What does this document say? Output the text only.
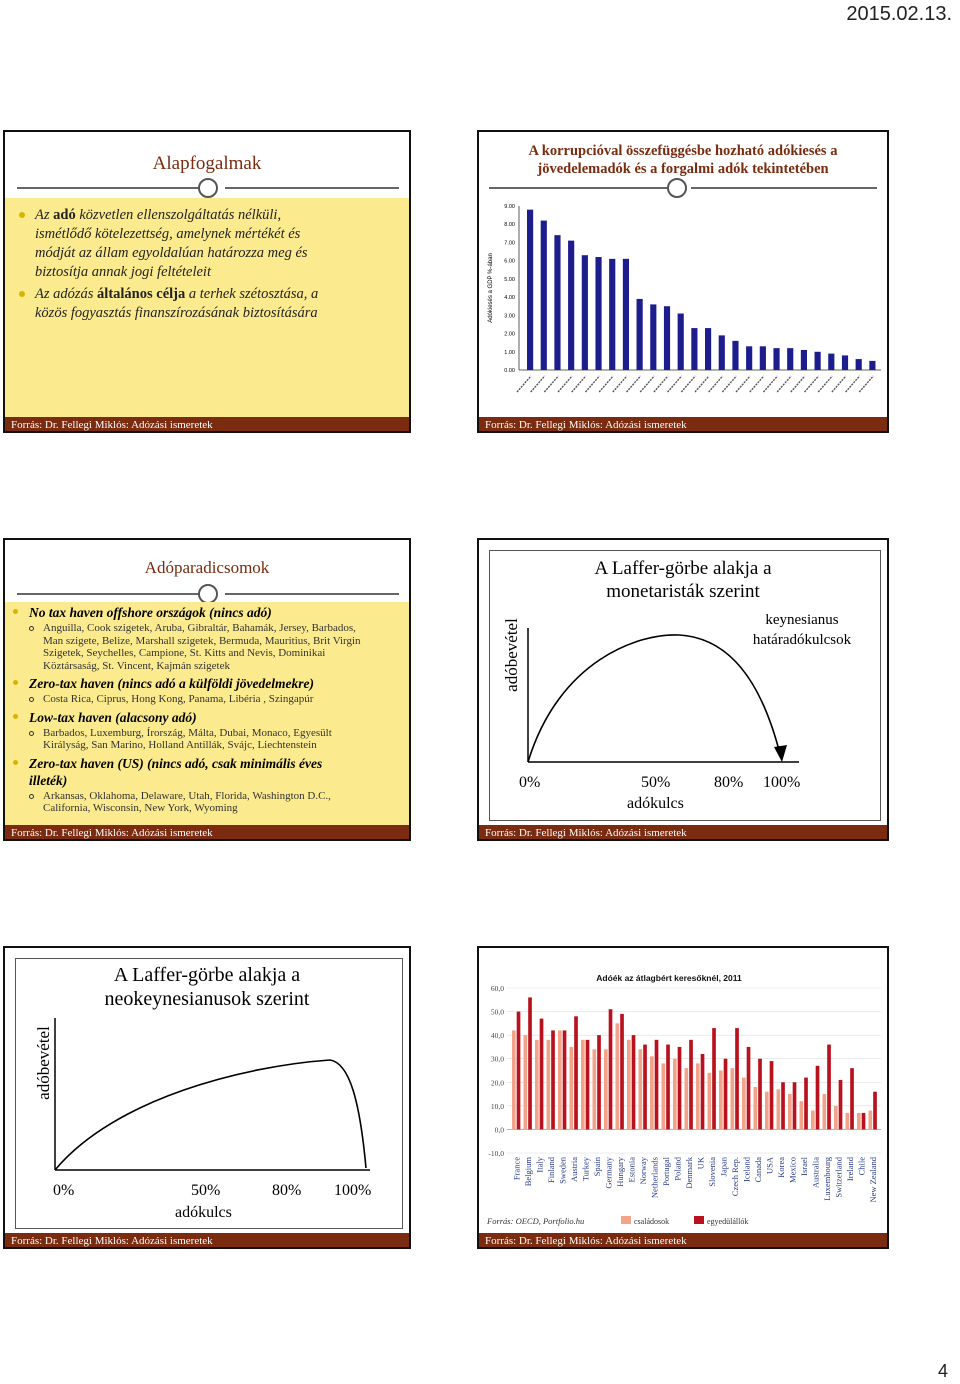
2015.02.13.
Alapfogalmak
Az adó közvetlen ellenszolgáltatás nélküli,
ismétlődő kötelezettség, amelynek mértékét és
módját az állam egyoldalúan határozza meg és
biztosítja annak jogi feltételeit
Az adózás általános célja a terhek szétosztása, a
közös fogyasztás finanszírozásának biztosítására
Forrás: Dr. Fellegi Miklós: Adózási ismeretek
A korrupcióval összefüggésbe hozható adókiesés a
jövedelemadók és a forgalmi adók tekintetében
Adókiesés a GDP %-ában
0.00
1.00
2.00
3.00
4.00
5.00
6.00
7.00
8.00
9.00
Forrás: Dr. Fellegi Miklós: Adózási ismeretek
Adóparadicsomok
No tax haven offshore országok (nincs adó)
Anguilla, Cook szigetek, Aruba, Gibraltár, Bahamák, Jersey, Barbados,
Man szigete, Belize, Marshall szigetek, Bermuda, Mauritius, Brit Virgin
Szigetek, Seychelles, Campione, St. Kitts and Nevis, Dominikai
Köztársaság, St. Vincent, Kajmán szigetek
Zero-tax haven (nincs adó a külföldi jövedelmekre)
Costa Rica, Ciprus, Hong Kong, Panama, Libéria , Szingapúr
Low-tax haven (alacsony adó)
Barbados, Luxemburg, Írország, Málta, Dubai, Monaco, Egyesült
Királyság, San Marino, Holland Antillák, Svájc, Liechtenstein
Zero-tax haven (US) (nincs adó, csak minimális éves
illeték)
Arkansas, Oklahoma, Delaware, Utah, Florida, Washington D.C.,
California, Wisconsin, New York, Wyoming
Forrás: Dr. Fellegi Miklós: Adózási ismeretek
A Laffer-görbe alakja a
monetaristák szerint
keynesianus
határadókulcsok
adóbevétel
0%	50%	80% 100%
adókulcs
Forrás: Dr. Fellegi Miklós: Adózási ismeretek
A Laffer-görbe alakja a
neokeynesianusok szerint
adóbevétel
0%	50%	80% 100%
adókulcs
Forrás: Dr. Fellegi Miklós: Adózási ismeretek
Adóék az átlagbért keresőknél, 2011
-10,0
0,0
10,0
20,0
30,0
40,0
50,0
60,0
France Belgium Italy Finland Sweden Austria Turkey Spain Germany Hungary Estonia Norway Netherlands Portugal Poland Denmark UK Slovenia Japan Czech Rep. Iceland Canada USA Korea Mexico Israel Australia Luxembourg Switzerland Ireland Chile New Zealand
Forrás: OECD, Portfolio.hu	családosok	egyedülállók
Forrás: Dr. Fellegi Miklós: Adózási ismeretek
4
